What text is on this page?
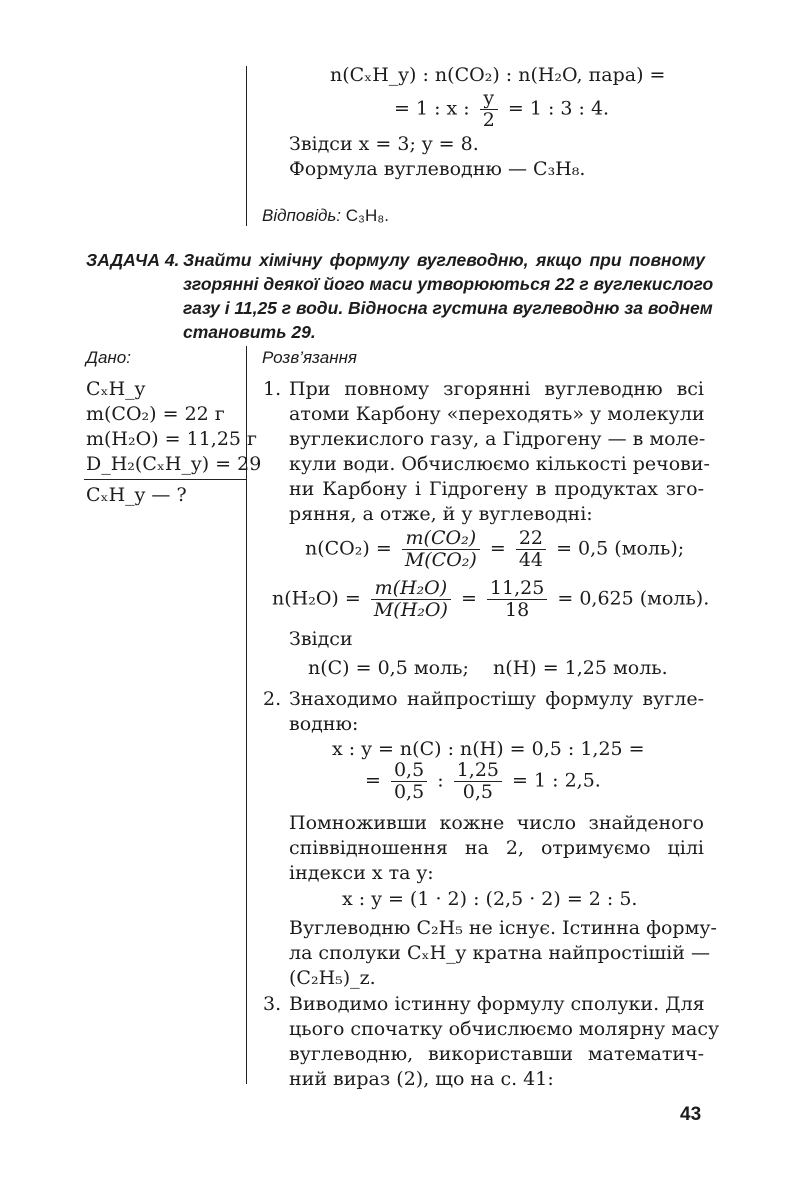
n(CₓH_y) : n(CO₂) : n(H₂O, пара) =
= 1 : x : $\frac{y}{2} = 1$ : 3 : 4.
Звідси x = 3; y = 8.
Формула вуглеводню — C₃H₈.
Відповідь: C₃H₈.
ЗАДАЧА 4. Знайти хімічну формулу вуглеводню, якщо при повному
згорянні деякої його маси утворюються 22 г вуглекислого
газу і 11,25 г води. Відносна густина вуглеводню за воднем
становить 29.
Дано:
CₓH_y
m(CO₂) = 22 г
m(H₂O) = 11,25 г
D_H₂(CₓH_y) = 29
CₓH_y — ?
Розв’язання
1. При повному згорянні вуглеводню всі
атоми Карбону «переходять» у молекули
вуглекислого газу, а Гідрогену — в моле-
кули води. Обчислюємо кількості речови-
ни Карбону і Гідрогену в продуктах зго-
ряння, а отже, й у вуглеводні:
$n(CO_2) = \frac{\text{m(CO₂)}}{\text{M(CO₂)}} = \frac{22}{44} = 0,5$ (моль);
$n(H_2O) = \frac{\text{m(H₂O)}}{\text{M(H₂O)}} = \frac{11,25}{18} = 0,625$ (моль).
Звідси
n(C) = 0,5 моль;    n(H) = 1,25 моль.
2. Знаходимо найпростішу формулу вугле-
водню:
x : y = n(C) : n(H) = 0,5 : 1,25 =
= $\frac{0,5}{0,5}$ : $\frac{1,25}{0,5} = 1$ : 2,5.
Помноживши кожне число знайденого
співвідношення на 2, отримуємо цілі
індекси x та y:
x : y = (1 · 2) : (2,5 · 2) = 2 : 5.
Вуглеводню C₂H₅ не існує. Істинна форму-
ла сполуки CₓH_y кратна найпростішій —
(C₂H₅)_z.
3. Виводимо істинну формулу сполуки. Для
цього спочатку обчислюємо молярну масу
вуглеводню, використавши математич-
ний вираз (2), що на с. 41:
43
